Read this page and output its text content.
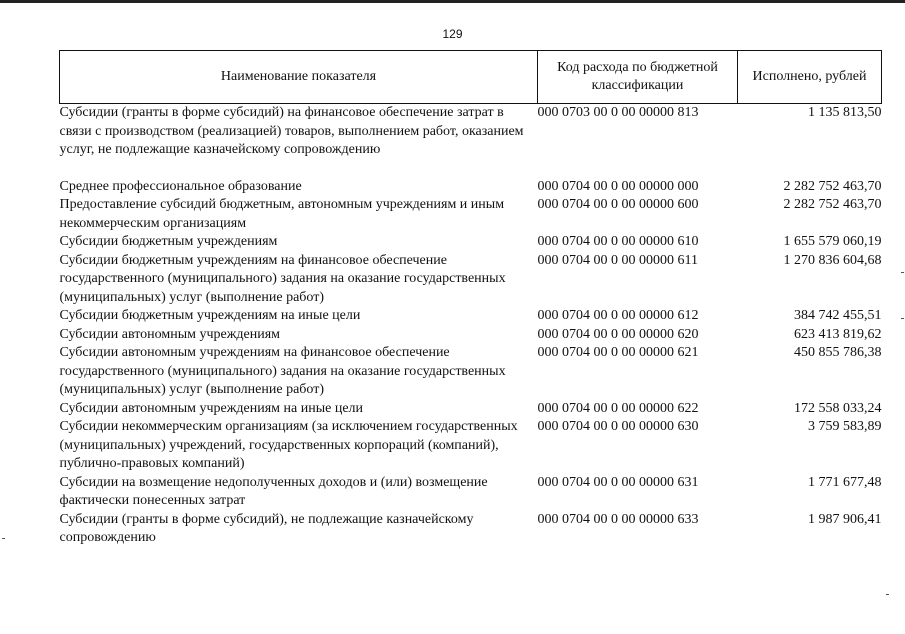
129
Наименование показателя	Код расхода по бюджетной классификации	Исполнено, рублей
Субсидии (гранты в форме субсидий) на финансовое обеспечение затрат в связи с производством (реализацией) товаров, выполнением работ, оказанием услуг, не подлежащие казначейскому сопровождению	000 0703 00 0 00 00000 813	1 135 813,50

Среднее профессиональное образование	000 0704 00 0 00 00000 000	2 282 752 463,70
Предоставление субсидий бюджетным, автономным учреждениям и иным некоммерческим организациям	000 0704 00 0 00 00000 600	2 282 752 463,70
Субсидии бюджетным учреждениям	000 0704 00 0 00 00000 610	1 655 579 060,19
Субсидии бюджетным учреждениям на финансовое обеспечение государственного (муниципального) задания на оказание государственных (муниципальных) услуг (выполнение работ)	000 0704 00 0 00 00000 611	1 270 836 604,68
Субсидии бюджетным учреждениям на иные цели	000 0704 00 0 00 00000 612	384 742 455,51
Субсидии автономным учреждениям	000 0704 00 0 00 00000 620	623 413 819,62
Субсидии автономным учреждениям на финансовое обеспечение государственного (муниципального) задания на оказание государственных (муниципальных) услуг (выполнение работ)	000 0704 00 0 00 00000 621	450 855 786,38
Субсидии автономным учреждениям на иные цели	000 0704 00 0 00 00000 622	172 558 033,24
Субсидии некоммерческим организациям (за исключением государственных (муниципальных) учреждений, государственных корпораций (компаний), публично-правовых компаний)	000 0704 00 0 00 00000 630	3 759 583,89
Субсидии на возмещение недополученных доходов и (или) возмещение фактически понесенных затрат	000 0704 00 0 00 00000 631	1 771 677,48
Субсидии (гранты в форме субсидий), не подлежащие казначейскому сопровождению	000 0704 00 0 00 00000 633	1 987 906,41
